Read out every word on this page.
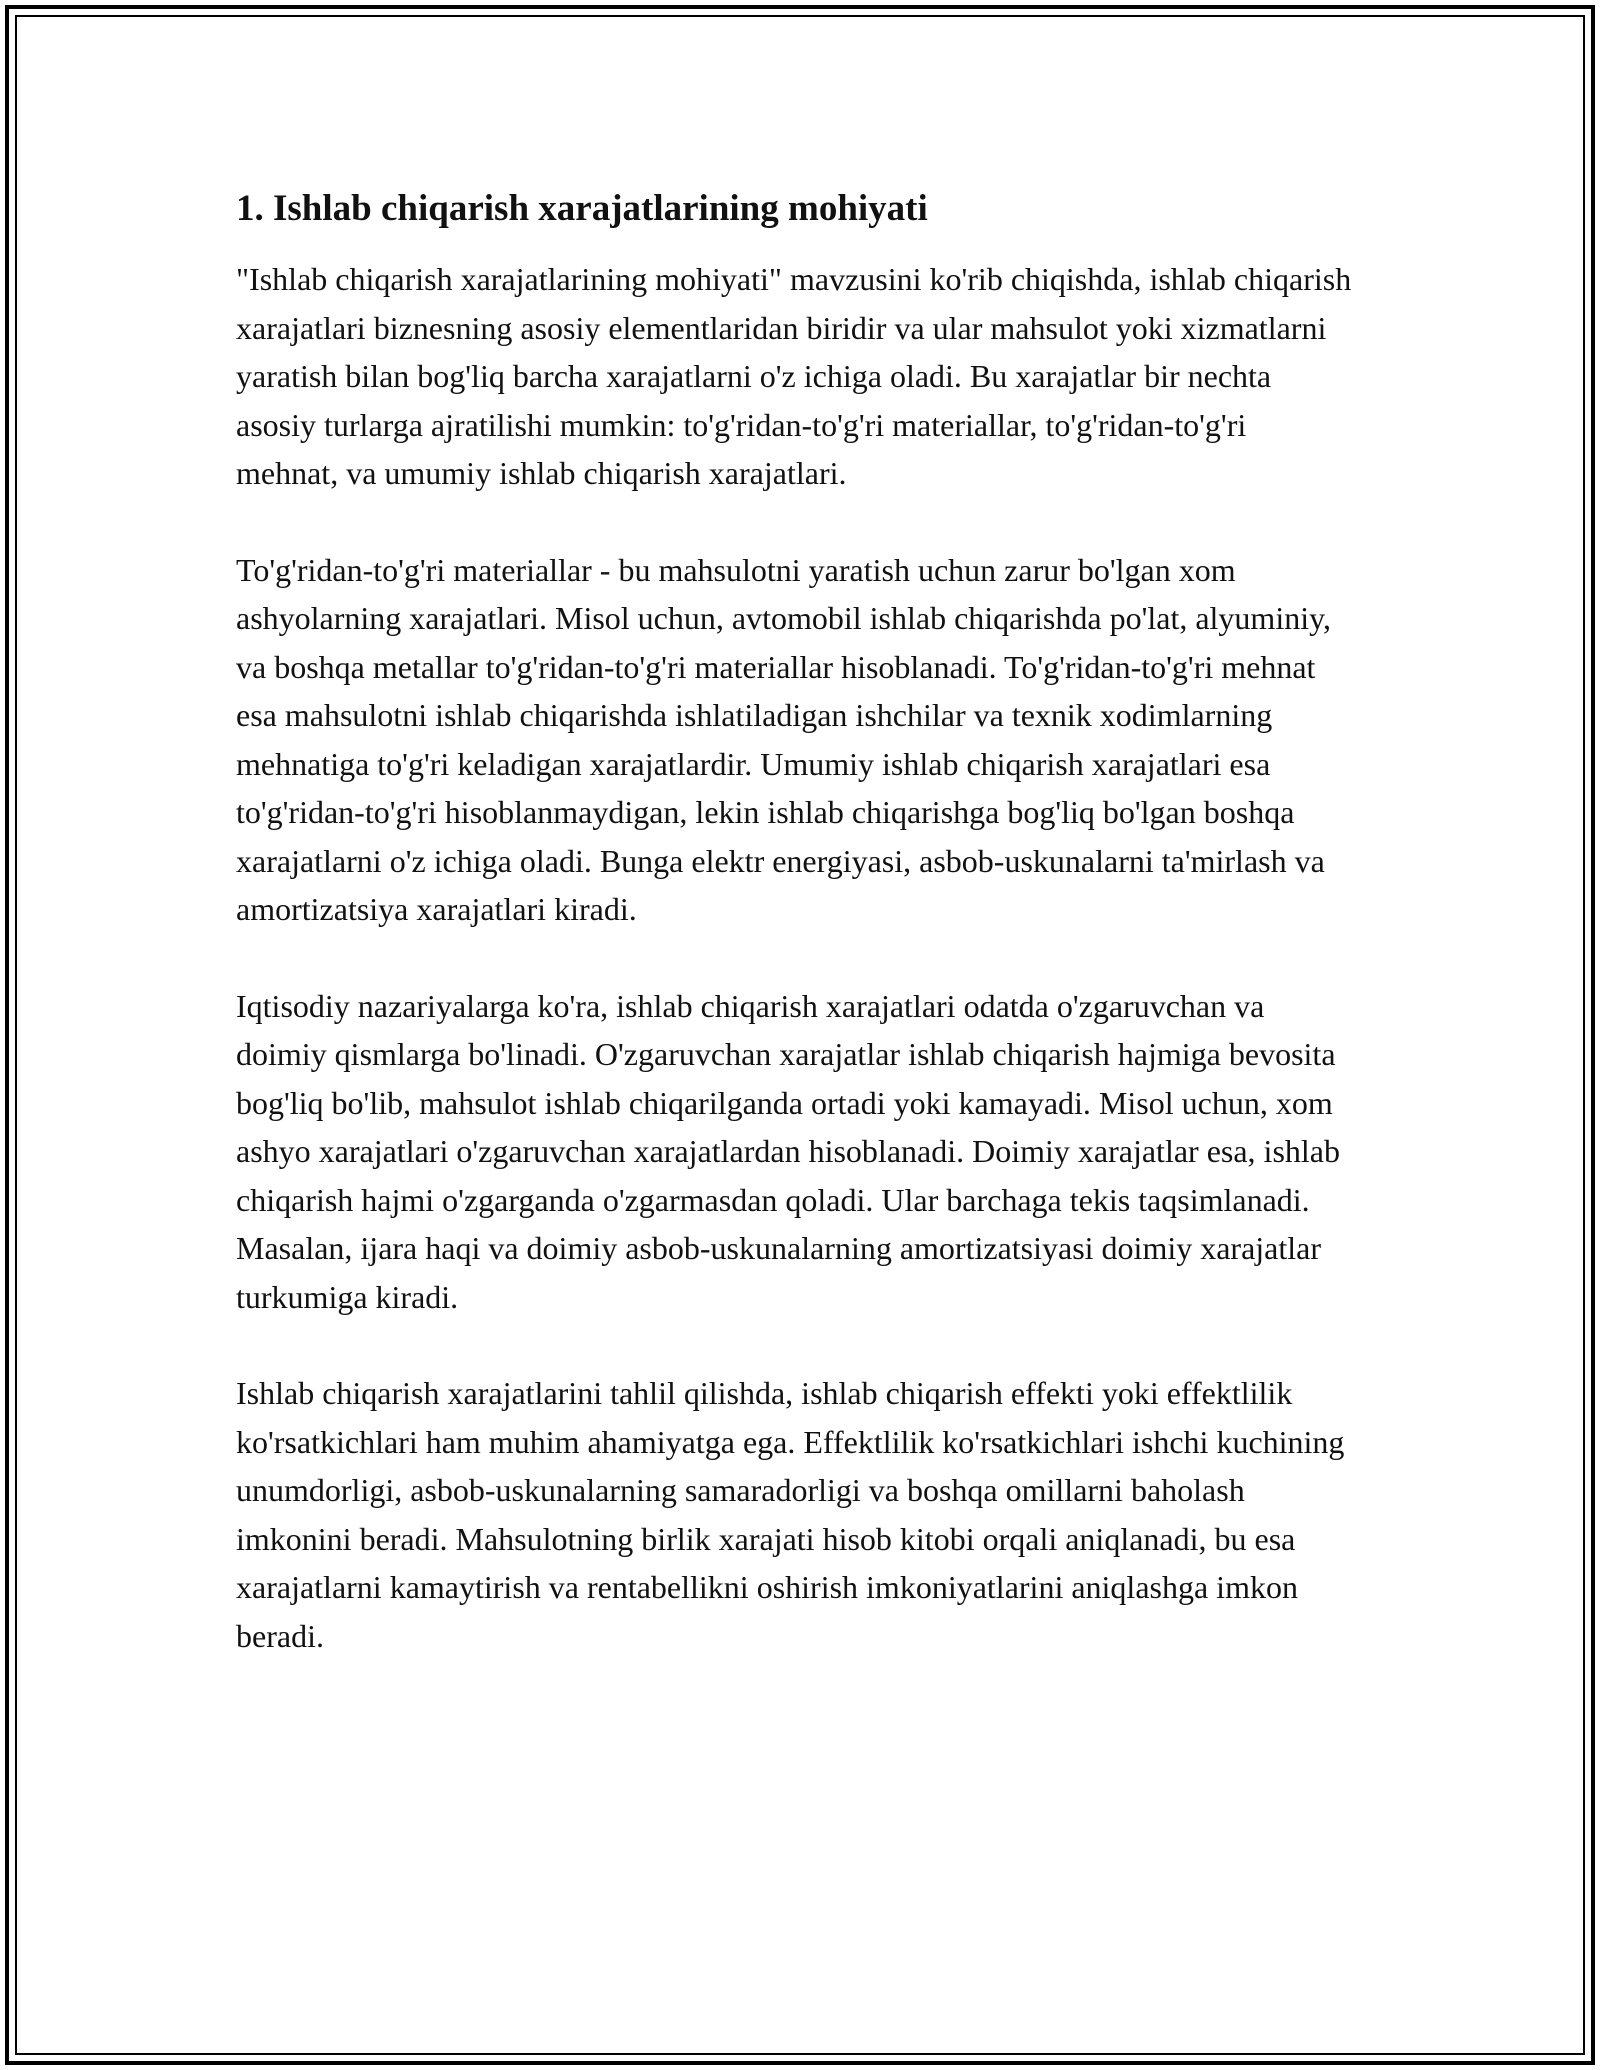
1. Ishlab chiqarish xarajatlarining mohiyati

"Ishlab chiqarish xarajatlarining mohiyati" mavzusini ko'rib chiqishda, ishlab chiqarish xarajatlari biznesning asosiy elementlaridan biridir va ular mahsulot yoki xizmatlarni yaratish bilan bog'liq barcha xarajatlarni o'z ichiga oladi. Bu xarajatlar bir nechta asosiy turlarga ajratilishi mumkin: to'g'ridan-to'g'ri materiallar, to'g'ridan-to'g'ri mehnat, va umumiy ishlab chiqarish xarajatlari.

To'g'ridan-to'g'ri materiallar - bu mahsulotni yaratish uchun zarur bo'lgan xom ashyolarning xarajatlari. Misol uchun, avtomobil ishlab chiqarishda po'lat, alyuminiy, va boshqa metallar to'g'ridan-to'g'ri materiallar hisoblanadi. To'g'ridan-to'g'ri mehnat esa mahsulotni ishlab chiqarishda ishlatiladigan ishchilar va texnik xodimlarning mehnatiga to'g'ri keladigan xarajatlardir. Umumiy ishlab chiqarish xarajatlari esa to'g'ridan-to'g'ri hisoblanmaydigan, lekin ishlab chiqarishga bog'liq bo'lgan boshqa xarajatlarni o'z ichiga oladi. Bunga elektr energiyasi, asbob-uskunalarni ta'mirlash va amortizatsiya xarajatlari kiradi.

Iqtisodiy nazariyalarga ko'ra, ishlab chiqarish xarajatlari odatda o'zgaruvchan va doimiy qismlarga bo'linadi. O'zgaruvchan xarajatlar ishlab chiqarish hajmiga bevosita bog'liq bo'lib, mahsulot ishlab chiqarilganda ortadi yoki kamayadi. Misol uchun, xom ashyo xarajatlari o'zgaruvchan xarajatlardan hisoblanadi. Doimiy xarajatlar esa, ishlab chiqarish hajmi o'zgarganda o'zgarmasdan qoladi. Ular barchaga tekis taqsimlanadi. Masalan, ijara haqi va doimiy asbob-uskunalarning amortizatsiyasi doimiy xarajatlar turkumiga kiradi.

Ishlab chiqarish xarajatlarini tahlil qilishda, ishlab chiqarish effekti yoki effektlilik ko'rsatkichlari ham muhim ahamiyatga ega. Effektlilik ko'rsatkichlari ishchi kuchining unumdorligi, asbob-uskunalarning samaradorligi va boshqa omillarni baholash imkonini beradi. Mahsulotning birlik xarajati hisob kitobi orqali aniqlanadi, bu esa xarajatlarni kamaytirish va rentabellikni oshirish imkoniyatlarini aniqlashga imkon beradi.
